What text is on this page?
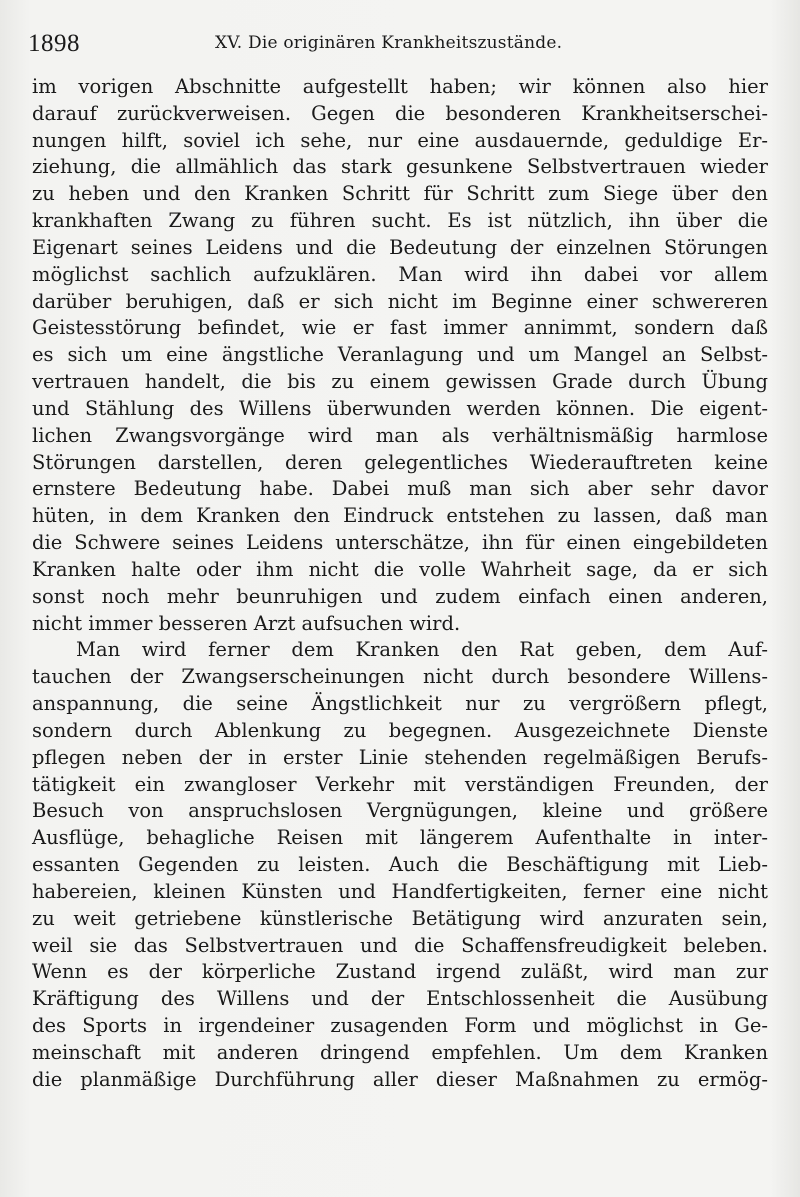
1898	XV. Die originären Krankheitszustände.
im vorigen Abschnitte aufgestellt haben; wir können also hier
darauf zurückverweisen. Gegen die besonderen Krankheitserschei-
nungen hilft, soviel ich sehe, nur eine ausdauernde, geduldige Er-
ziehung, die allmählich das stark gesunkene Selbstvertrauen wieder
zu heben und den Kranken Schritt für Schritt zum Siege über den
krankhaften Zwang zu führen sucht. Es ist nützlich, ihn über die
Eigenart seines Leidens und die Bedeutung der einzelnen Störungen
möglichst sachlich aufzuklären. Man wird ihn dabei vor allem
darüber beruhigen, daß er sich nicht im Beginne einer schwereren
Geistesstörung befindet, wie er fast immer annimmt, sondern daß
es sich um eine ängstliche Veranlagung und um Mangel an Selbst-
vertrauen handelt, die bis zu einem gewissen Grade durch Übung
und Stählung des Willens überwunden werden können. Die eigent-
lichen Zwangsvorgänge wird man als verhältnismäßig harmlose
Störungen darstellen, deren gelegentliches Wiederauftreten keine
ernstere Bedeutung habe. Dabei muß man sich aber sehr davor
hüten, in dem Kranken den Eindruck entstehen zu lassen, daß man
die Schwere seines Leidens unterschätze, ihn für einen eingebildeten
Kranken halte oder ihm nicht die volle Wahrheit sage, da er sich
sonst noch mehr beunruhigen und zudem einfach einen anderen,
nicht immer besseren Arzt aufsuchen wird.
Man wird ferner dem Kranken den Rat geben, dem Auf-
tauchen der Zwangserscheinungen nicht durch besondere Willens-
anspannung, die seine Ängstlichkeit nur zu vergrößern pflegt,
sondern durch Ablenkung zu begegnen. Ausgezeichnete Dienste
pflegen neben der in erster Linie stehenden regelmäßigen Berufs-
tätigkeit ein zwangloser Verkehr mit verständigen Freunden, der
Besuch von anspruchslosen Vergnügungen, kleine und größere
Ausflüge, behagliche Reisen mit längerem Aufenthalte in inter-
essanten Gegenden zu leisten. Auch die Beschäftigung mit Lieb-
habereien, kleinen Künsten und Handfertigkeiten, ferner eine nicht
zu weit getriebene künstlerische Betätigung wird anzuraten sein,
weil sie das Selbstvertrauen und die Schaffensfreudigkeit beleben.
Wenn es der körperliche Zustand irgend zuläßt, wird man zur
Kräftigung des Willens und der Entschlossenheit die Ausübung
des Sports in irgendeiner zusagenden Form und möglichst in Ge-
meinschaft mit anderen dringend empfehlen. Um dem Kranken
die planmäßige Durchführung aller dieser Maßnahmen zu ermög-
